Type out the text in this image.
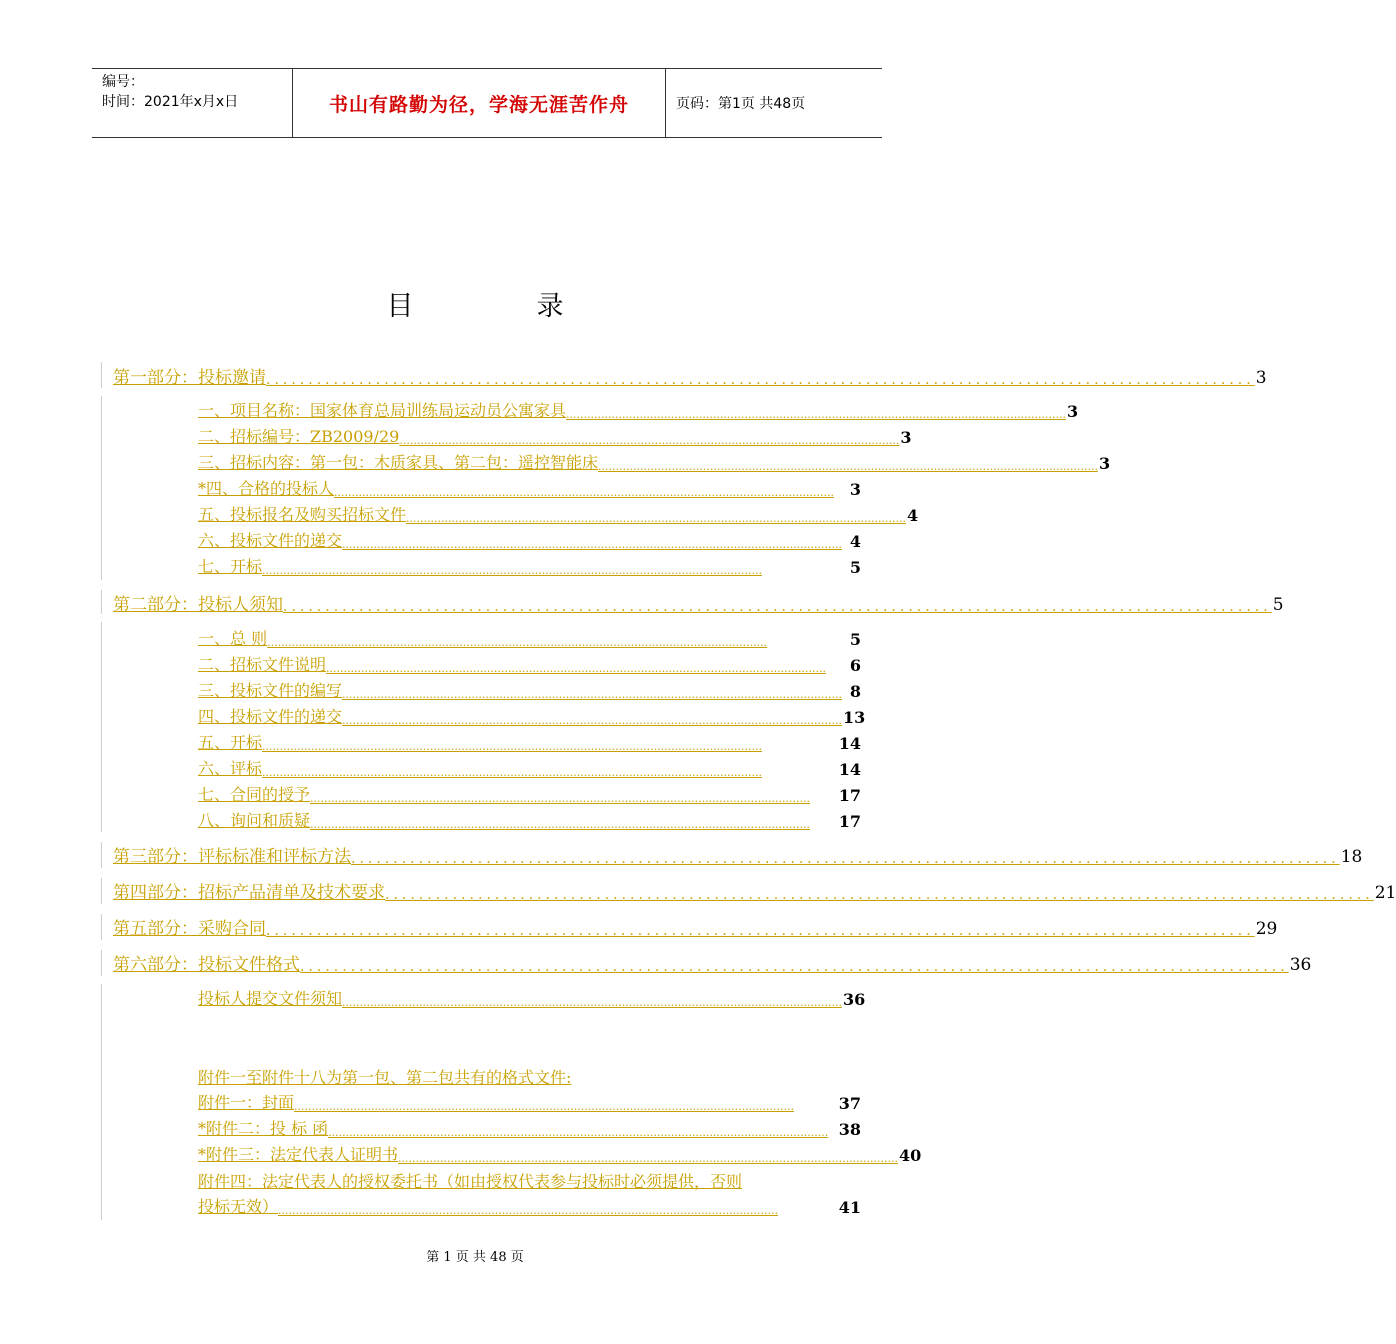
编号：
时间：2021年x月x日	书山有路勤为径，学海无涯苦作舟	页码：第1页 共48页
目　录
第一部分：投标邀请 ..................................................................................................................... 3
一、项目名称：国家体育总局训练局运动员公寓家具 ............................................................................................................................................... 3
二、招标编号：ZB2009/29 ............................................................................................................................................... 3
三、招标内容：第一包：木质家具、第二包：遥控智能床 ............................................................................................................................................... 3
*四、合格的投标人 ............................................................................................................................................... 3
五、投标报名及购买招标文件 ............................................................................................................................................... 4
六、投标文件的递交 ............................................................................................................................................... 4
七、开标 ...............................................................................................................................................	5
第二部分：投标人须知 ..................................................................................................................... 5
一、总 则 ...............................................................................................................................................	5
二、招标文件说明 ...............................................................................................................................................	6
三、投标文件的编写 ............................................................................................................................................... 8
四、投标文件的递交 ............................................................................................................................................... 13
五、开标 ...............................................................................................................................................	14
六、评标 ...............................................................................................................................................	14
七、合同的授予 ...............................................................................................................................................	17
八、询问和质疑 ...............................................................................................................................................	17
第三部分：评标标准和评标方法 ..................................................................................................................... 18
第四部分：招标产品清单及技术要求 ..................................................................................................................... 21
第五部分：采购合同 ..................................................................................................................... 29
第六部分：投标文件格式 ..................................................................................................................... 36
投标人提交文件须知 ............................................................................................................................................... 36
附件一至附件十八为第一包、第二包共有的格式文件:
附件一：封面 ...............................................................................................................................................	37
*附件二：投 标 函 ............................................................................................................................................... 38
*附件三：法定代表人证明书 ............................................................................................................................................... 40
附件四：法定代表人的授权委托书（如由授权代表参与投标时必须提供，否则
投标无效） ...............................................................................................................................................	41
第 1 页 共 48 页
